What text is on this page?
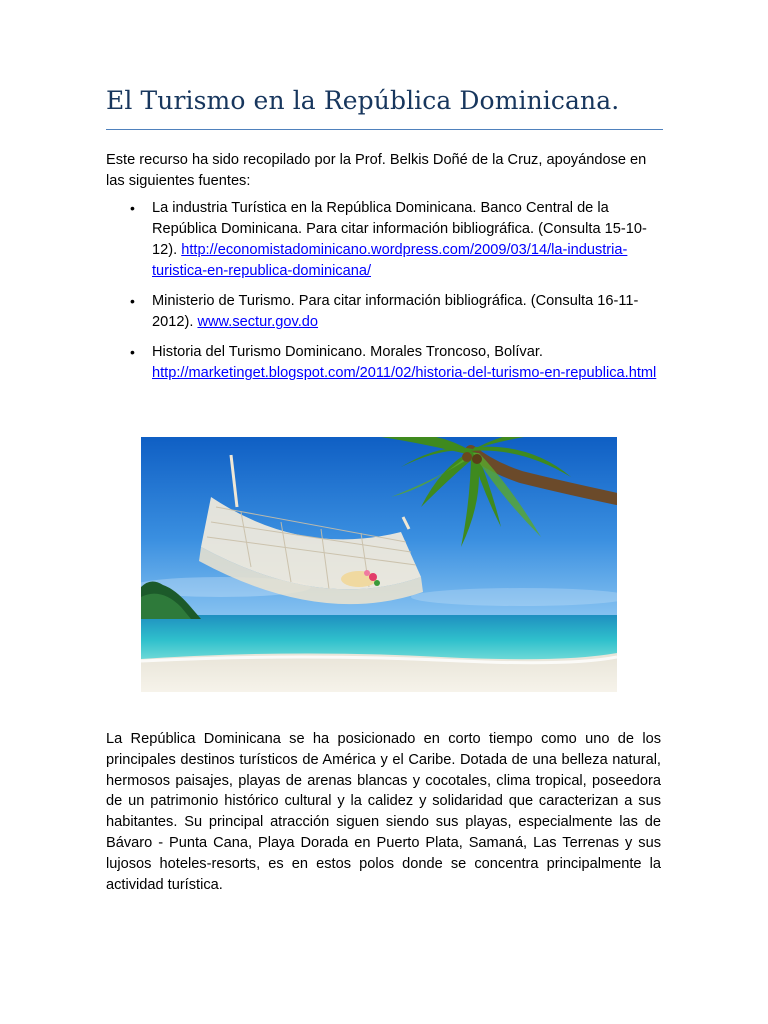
El Turismo en la República Dominicana.
Este recurso ha sido recopilado por la Prof. Belkis Doñé de la Cruz, apoyándose en las siguientes fuentes:
• La industria Turística en la República Dominicana. Banco Central de la República Dominicana. Para citar información bibliográfica. (Consulta 15-10-12). http://economistadominicano.wordpress.com/2009/03/14/la-industria-turistica-en-republica-dominicana/
• Ministerio de Turismo. Para citar información bibliográfica. (Consulta 16-11-2012). www.sectur.gov.do
• Historia del Turismo Dominicano. Morales Troncoso, Bolívar.
http://marketinget.blogspot.com/2011/02/historia-del-turismo-en-republica.html
La República Dominicana se ha posicionado en corto tiempo como uno de los principales destinos turísticos de América y el Caribe. Dotada de una belleza natural, hermosos paisajes, playas de arenas blancas y cocotales, clima tropical, poseedora de un patrimonio histórico cultural y la calidez y solidaridad que caracterizan a sus habitantes. Su principal atracción siguen siendo sus playas, especialmente las de Bávaro - Punta Cana, Playa Dorada en Puerto Plata, Samaná, Las Terrenas y sus lujosos hoteles-resorts, es en estos polos donde se concentra principalmente la actividad turística.
